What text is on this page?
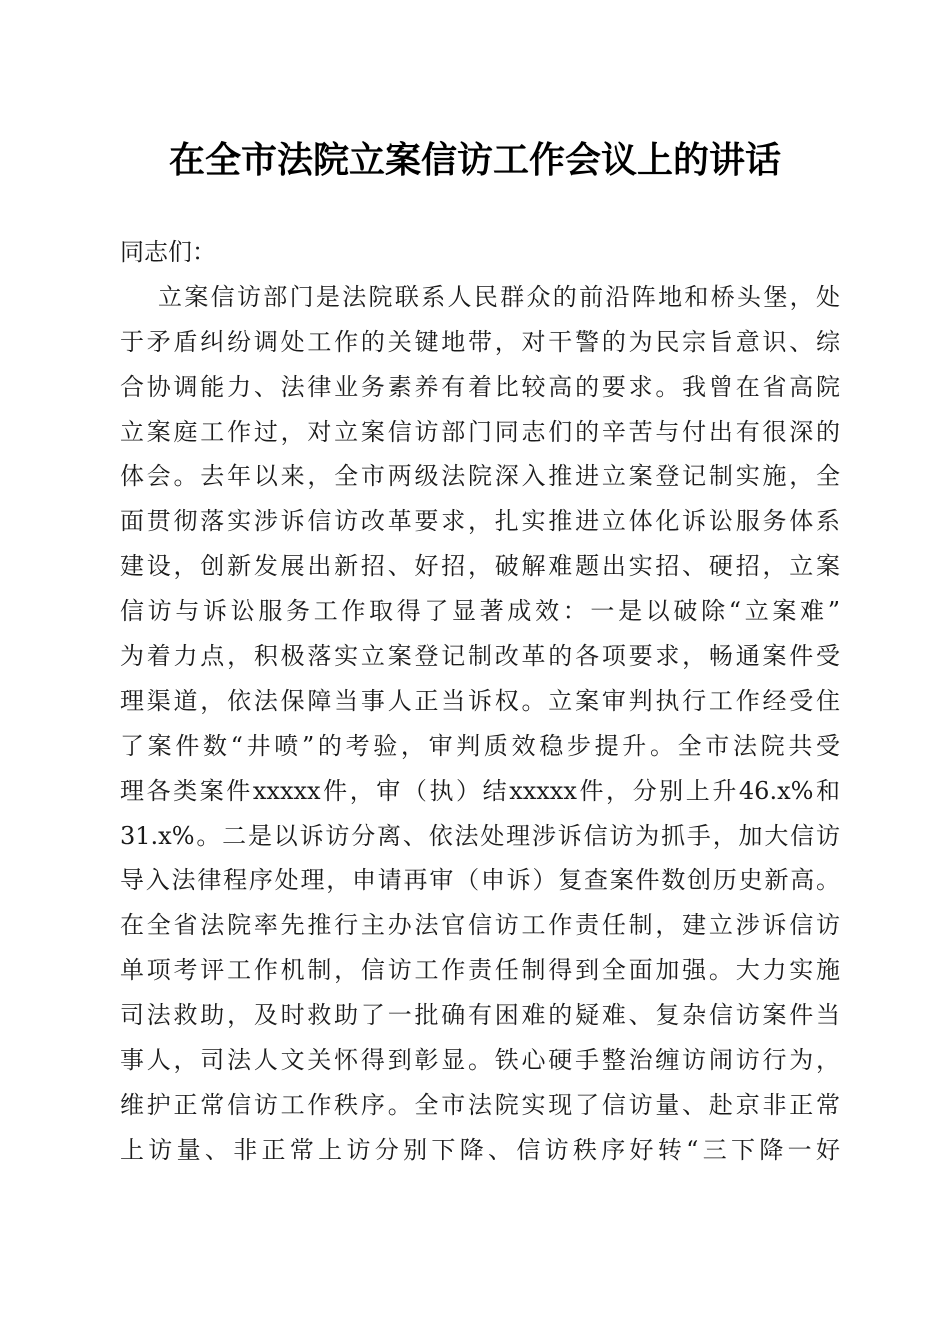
在全市法院立案信访工作会议上的讲话
同志们：
立案信访部门是法院联系人民群众的前沿阵地和桥头堡，处
于矛盾纠纷调处工作的关键地带，对干警的为民宗旨意识、综
合协调能力、法律业务素养有着比较高的要求。我曾在省高院
立案庭工作过，对立案信访部门同志们的辛苦与付出有很深的
体会。去年以来，全市两级法院深入推进立案登记制实施，全
面贯彻落实涉诉信访改革要求，扎实推进立体化诉讼服务体系
建设，创新发展出新招、好招，破解难题出实招、硬招，立案
信访与诉讼服务工作取得了显著成效：一是以破除“立案难”
为着力点，积极落实立案登记制改革的各项要求，畅通案件受
理渠道，依法保障当事人正当诉权。立案审判执行工作经受住
了案件数“井喷”的考验，审判质效稳步提升。全市法院共受
理各类案件xxxxx件，审（执）结xxxxx件，分别上升46.x%和
31.x%。二是以诉访分离、依法处理涉诉信访为抓手，加大信访
导入法律程序处理，申请再审（申诉）复查案件数创历史新高。
在全省法院率先推行主办法官信访工作责任制，建立涉诉信访
单项考评工作机制，信访工作责任制得到全面加强。大力实施
司法救助，及时救助了一批确有困难的疑难、复杂信访案件当
事人，司法人文关怀得到彰显。铁心硬手整治缠访闹访行为，
维护正常信访工作秩序。全市法院实现了信访量、赴京非正常
上访量、非正常上访分别下降、信访秩序好转“三下降一好
